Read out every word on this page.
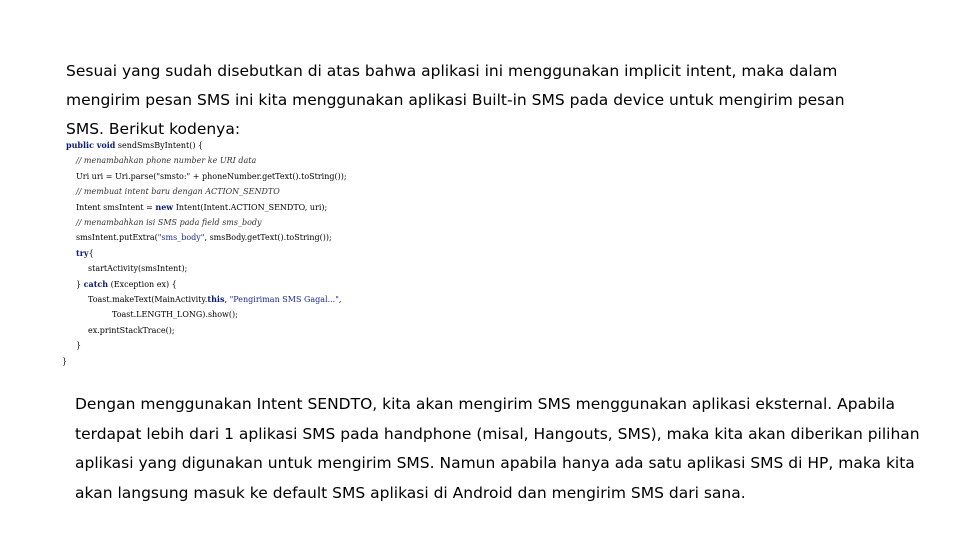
Sesuai yang sudah disebutkan di atas bahwa aplikasi ini menggunakan implicit intent, maka dalam
mengirim pesan SMS ini kita menggunakan aplikasi Built-in SMS pada device untuk mengirim pesan
SMS. Berikut kodenya:
public void sendSmsByIntent() {
// menambahkan phone number ke URI data
Uri uri = Uri.parse("smsto:" + phoneNumber.getText().toString());
// membuat intent baru dengan ACTION_SENDTO
Intent smsIntent = new Intent(Intent.ACTION_SENDTO, uri);
// menambahkan isi SMS pada field sms_body
smsIntent.putExtra("sms_body", smsBody.getText().toString());
try{
startActivity(smsIntent);
} catch (Exception ex) {
Toast.makeText(MainActivity.this, "Pengiriman SMS Gagal...",
Toast.LENGTH_LONG).show();
ex.printStackTrace();
}
}
Dengan menggunakan Intent SENDTO, kita akan mengirim SMS menggunakan aplikasi eksternal. Apabila
terdapat lebih dari 1 aplikasi SMS pada handphone (misal, Hangouts, SMS), maka kita akan diberikan pilihan
aplikasi yang digunakan untuk mengirim SMS. Namun apabila hanya ada satu aplikasi SMS di HP, maka kita
akan langsung masuk ke default SMS aplikasi di Android dan mengirim SMS dari sana.
